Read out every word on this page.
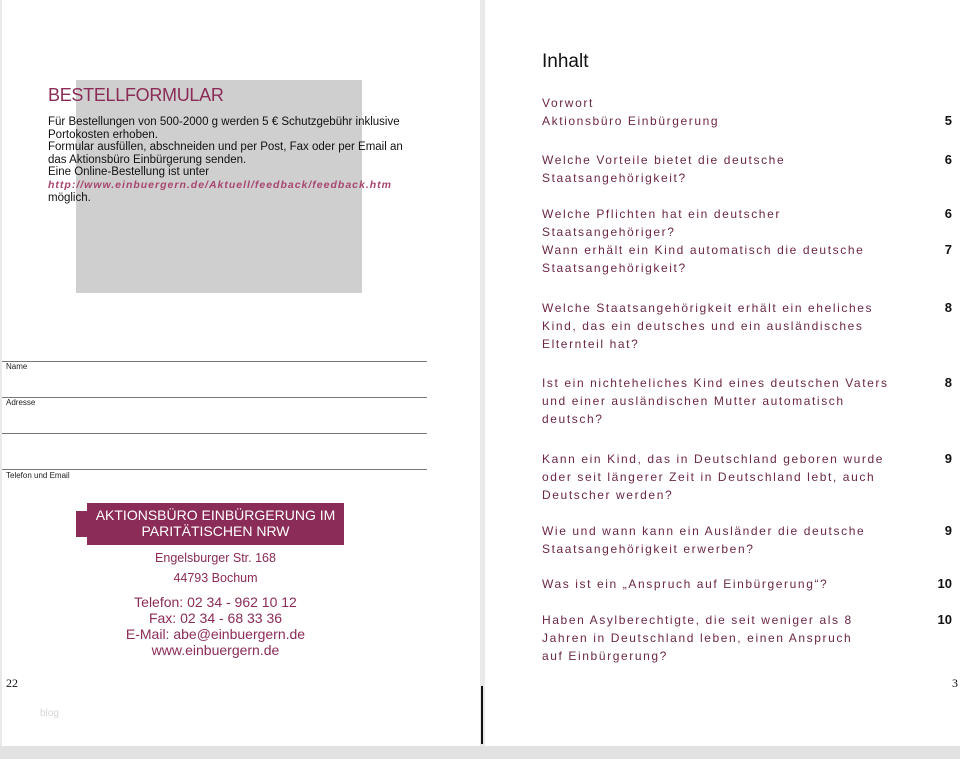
BESTELLFORMULAR
Für Bestellungen von 500-2000 g werden 5 € Schutzgebühr inklusive
Portokosten erhoben.
Formular ausfüllen, abschneiden und per Post, Fax oder per Email an
das Aktionsbüro Einbürgerung senden.
Eine Online-Bestellung ist unter
http://www.einbuergern.de/Aktuell/feedback/feedback.htm
möglich.
Name
Adresse
Telefon und Email
AKTIONSBÜRO EINBÜRGERUNG IM
PARITÄTISCHEN NRW
Engelsburger Str. 168
44793 Bochum
Telefon: 02 34 - 962 10 12
Fax: 02 34 - 68 33 36
E-Mail: abe@einbuergern.de
www.einbuergern.de
22
blog
Inhalt
Vorwort
Aktionsbüro Einbürgerung	5
Welche Vorteile bietet die deutsche
Staatsangehörigkeit?
6
Welche Pflichten hat ein deutscher Staatsangehöriger?
6
Wann erhält ein Kind automatisch die deutsche
Staatsangehörigkeit?
7
Welche Staatsangehörigkeit erhält ein eheliches
Kind, das ein deutsches und ein ausländisches
Elternteil hat?
8
Ist ein nichteheliches Kind eines deutschen Vaters
und einer ausländischen Mutter automatisch
deutsch?
8
Kann ein Kind, das in Deutschland geboren wurde
oder seit längerer Zeit in Deutschland lebt, auch
Deutscher werden?
9
Wie und wann kann ein Ausländer die deutsche
Staatsangehörigkeit erwerben?
9
Was ist ein „Anspruch auf Einbürgerung“?	10
Haben Asylberechtigte, die seit weniger als 8
Jahren in Deutschland leben, einen Anspruch
auf Einbürgerung?
10
3
